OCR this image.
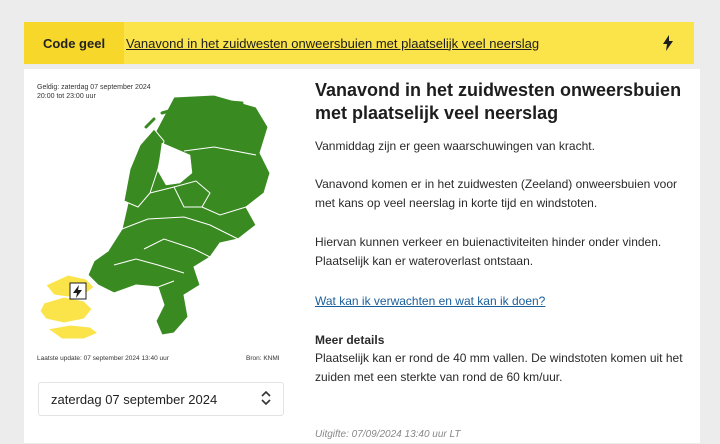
Code geel	Vanavond in het zuidwesten onweersbuien met plaatselijk veel neerslag
Geldig: zaterdag 07 september 2024
20:00 tot 23:00 uur
Laatste update: 07 september 2024 13:40 uur	Bron: KNMI
zaterdag 07 september 2024
Vanavond in het zuidwesten onweersbuien met plaatselijk veel neerslag

Vanmiddag zijn er geen waarschuwingen van kracht.

Vanavond komen er in het zuidwesten (Zeeland) onweersbuien voor met kans op veel neerslag in korte tijd en windstoten.

Hiervan kunnen verkeer en buienactiviteiten hinder onder vinden. Plaatselijk kan er wateroverlast ontstaan.

Wat kan ik verwachten en wat kan ik doen?

Meer details

Plaatselijk kan er rond de 40 mm vallen. De windstoten komen uit het zuiden met een sterkte van rond de 60 km/uur.

Uitgifte: 07/09/2024 13:40 uur LT
